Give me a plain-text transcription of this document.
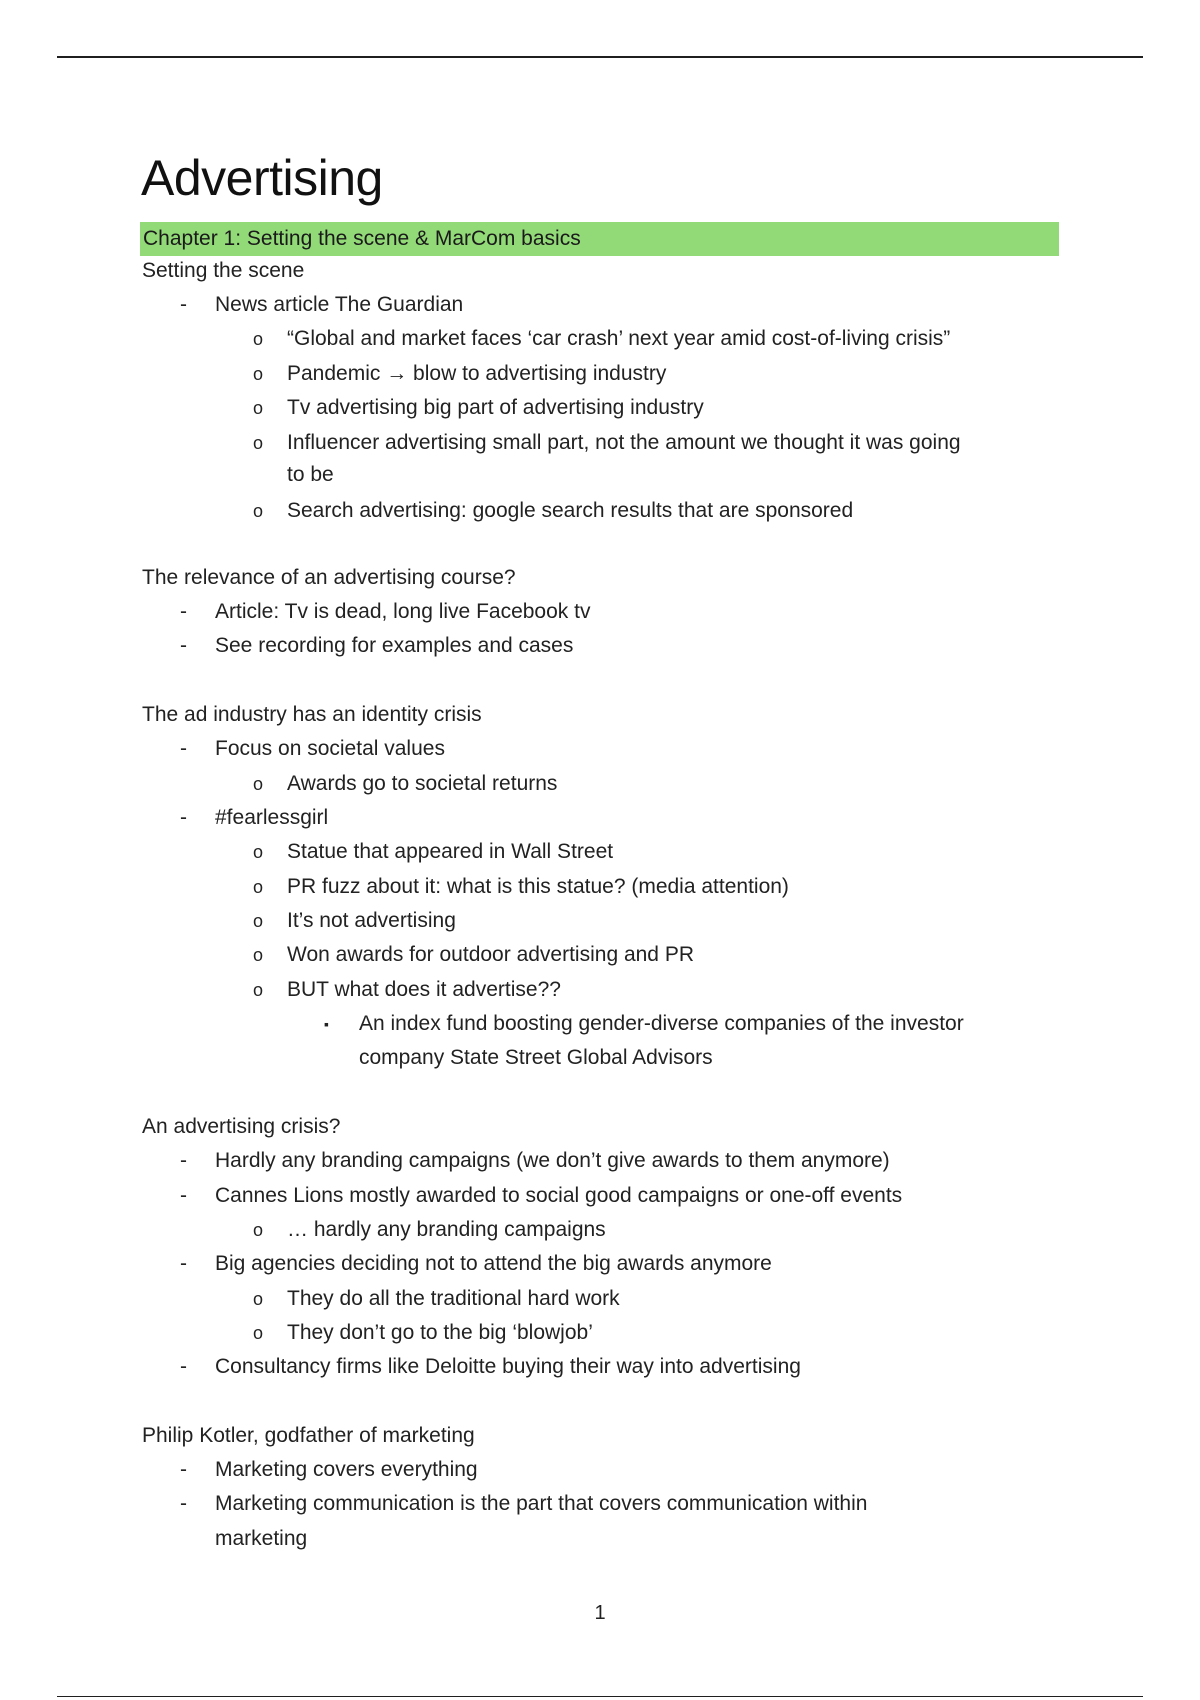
Advertising
Chapter 1: Setting the scene & MarCom basics
Setting the scene
- News article The Guardian
o “Global and market faces ‘car crash’ next year amid cost-of-living crisis”
o Pandemic → blow to advertising industry
o Tv advertising big part of advertising industry
o Influencer advertising small part, not the amount we thought it was going
to be
o Search advertising: google search results that are sponsored
The relevance of an advertising course?
- Article: Tv is dead, long live Facebook tv
- See recording for examples and cases
The ad industry has an identity crisis
- Focus on societal values
o Awards go to societal returns
- #fearlessgirl
o Statue that appeared in Wall Street
o PR fuzz about it: what is this statue? (media attention)
o It’s not advertising
o Won awards for outdoor advertising and PR
o BUT what does it advertise??
▪ An index fund boosting gender-diverse companies of the investor
company State Street Global Advisors
An advertising crisis?
- Hardly any branding campaigns (we don’t give awards to them anymore)
- Cannes Lions mostly awarded to social good campaigns or one-off events
o … hardly any branding campaigns
- Big agencies deciding not to attend the big awards anymore
o They do all the traditional hard work
o They don’t go to the big ‘blowjob’
- Consultancy firms like Deloitte buying their way into advertising
Philip Kotler, godfather of marketing
- Marketing covers everything
- Marketing communication is the part that covers communication within
marketing
1
